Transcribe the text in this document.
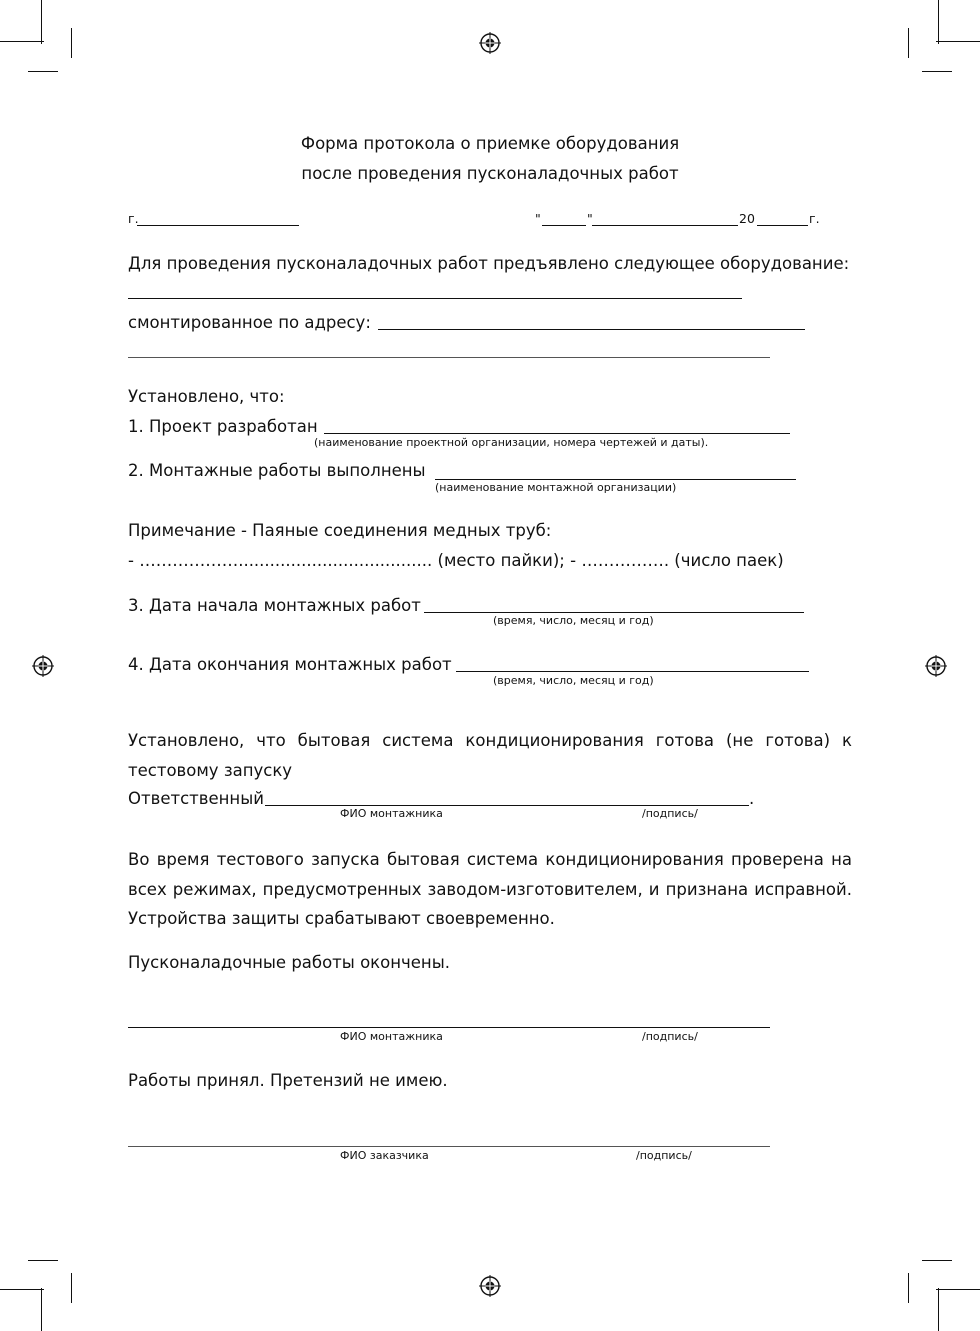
Форма протокола о приемке оборудования
после проведения пусконаладочных работ
г.	"	"	20	г.
Для проведения пусконаладочных работ предъявлено следующее оборудование:
смонтированное по адресу:
Установлено, что:
1. Проект разработан
(наименование проектной организации, номера чертежей и даты).
2. Монтажные работы выполнены
(наименование монтажной организации)
Примечание - Паяные соединения медных труб:
- ………………..................................... (место пайки); - ……………. (число паек)
3. Дата начала монтажных работ
(время, число, месяц и год)
4. Дата окончания монтажных работ
(время, число, месяц и год)
Установлено, что бытовая система кондиционирования готова (не готова) к тестовому запуску
Ответственный	.
ФИО монтажника	/подпись/
Во время тестового запуска бытовая система кондиционирования проверена на всех режимах, предусмотренных заводом-изготовителем, и признана исправной. Устройства защиты срабатывают своевременно.
Пусконаладочные работы окончены.
ФИО монтажника	/подпись/
Работы принял. Претензий не имею.
ФИО заказчика	/подпись/
